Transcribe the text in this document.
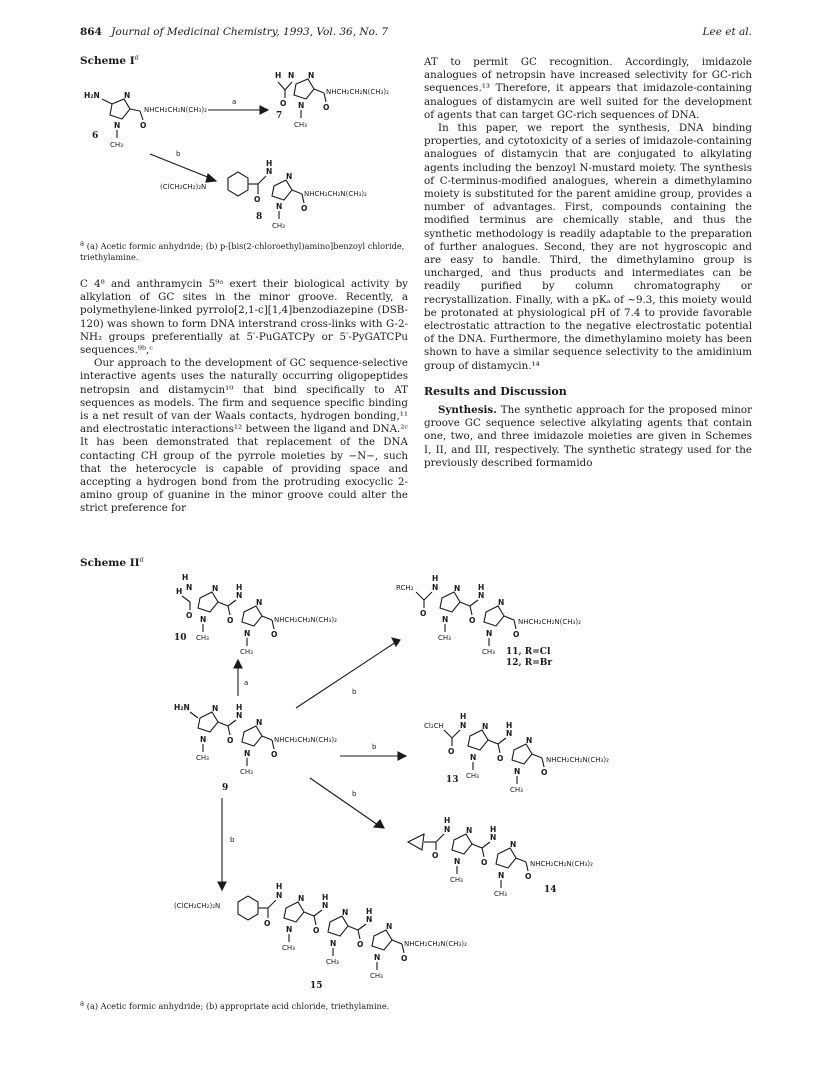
864 Journal of Medicinal Chemistry, 1993, Vol. 36, No. 7	Lee et al.
Scheme $I^a$
H₂N	N
N	O
NHCH₂CH₂N(CH₃)₂
CH₃
6
a
H N
O
N
N O
NHCH₂CH₂N(CH₃)₂
CH₃
7
b
(ClCH₂CH₂)₂N
O
N
H
N
N O
NHCH₂CH₂N(CH₃)₂
CH₃
8
a (a) Acetic formic anhydride; (b) p-[bis(2-chloroethyl)amino]benzoyl chloride, triethylamine.

C 4⁸ and anthramycin 5⁹ᵃ exert their biological activity by alkylation of GC sites in the minor groove. Recently, a polymethylene-linked pyrrolo[2,1-c][1,4]benzodiazepine (DSB-120) was shown to form DNA interstrand cross-links with G-2-NH₂ groups preferentially at 5′-PuGATCPy or 5′-PyGATCPu sequences.⁹ᵇ,ᶜ

Our approach to the development of GC sequence-selective interactive agents uses the naturally occurring oligopeptides netropsin and distamycin¹⁰ that bind specifically to AT sequences as models. The firm and sequence specific binding is a net result of van der Waals contacts, hydrogen bonding,¹¹ and electrostatic interactions¹² between the ligand and DNA.²ᶜ It has been demonstrated that replacement of the DNA contacting CH group of the pyrrole moieties by −N−, such that the heterocycle is capable of providing space and accepting a hydrogen bond from the protruding exocyclic 2-amino group of guanine in the minor groove could alter the strict preference for

AT to permit GC recognition. Accordingly, imidazole analogues of netropsin have increased selectivity for GC-rich sequences.¹³ Therefore, it appears that imidazole-containing analogues of distamycin are well suited for the development of agents that can target GC-rich sequences of DNA.

In this paper, we report the synthesis, DNA binding properties, and cytotoxicity of a series of imidazole-containing analogues of distamycin that are conjugated to alkylating agents including the benzoyl N-mustard moiety. The synthesis of C-terminus-modified analogues, wherein a dimethylamino moiety is substituted for the parent amidine group, provides a number of advantages. First, compounds containing the modified terminus are chemically stable, and thus the synthetic methodology is readily adaptable to the preparation of further analogues. Second, they are not hygroscopic and are easy to handle. Third, the dimethylamino group is uncharged, and thus products and intermediates can be readily purified by column chromatography or recrystallization. Finally, with a pKₐ of ~9.3, this moiety would be protonated at physiological pH of 7.4 to provide favorable electrostatic attraction to the negative electrostatic potential of the DNA. Furthermore, the dimethylamino moiety has been shown to have a similar sequence selectivity to the amidinium group of distamycin.¹⁴

Results and Discussion

Synthesis. The synthetic approach for the proposed minor groove GC sequence selective alkylating agents that contain one, two, and three imidazole moieties are given in Schemes I, II, and III, respectively. The synthetic strategy used for the previously described formamido

Scheme $II^a$
H
H N
O
N
N	O
N
H
N
N	O
NHCH₂CH₂N(CH₃)₂
CH₃
CH₃
10
a
H₂N	N
N	O
N
H
N
N	O
NHCH₂CH₂N(CH₃)₂
CH₃
CH₃
9
b
b
b
b
RCH₂
O
N
H
N
N	O
N
H
N
N	O
NHCH₂CH₂N(CH₃)₂
CH₃
CH₃ 11, R=Cl
12, R=Br
Cl₂CH
O
N
H
N
N	O
N
H
N
N	O
NHCH₂CH₂N(CH₃)₂
CH₃
CH₃
13
O
N
H
N
N	O
N
H
N
N	O
NHCH₂CH₂N(CH₃)₂
CH₃
CH₃	14
(ClCH₂CH₂)₂N
O
N
H
N
N	O
N
H
N
N	O
N
H
N
N	O
NHCH₂CH₂N(CH₃)₂
CH₃
CH₃
CH₃
15
a (a) Acetic formic anhydride; (b) appropriate acid chloride, triethylamine.
